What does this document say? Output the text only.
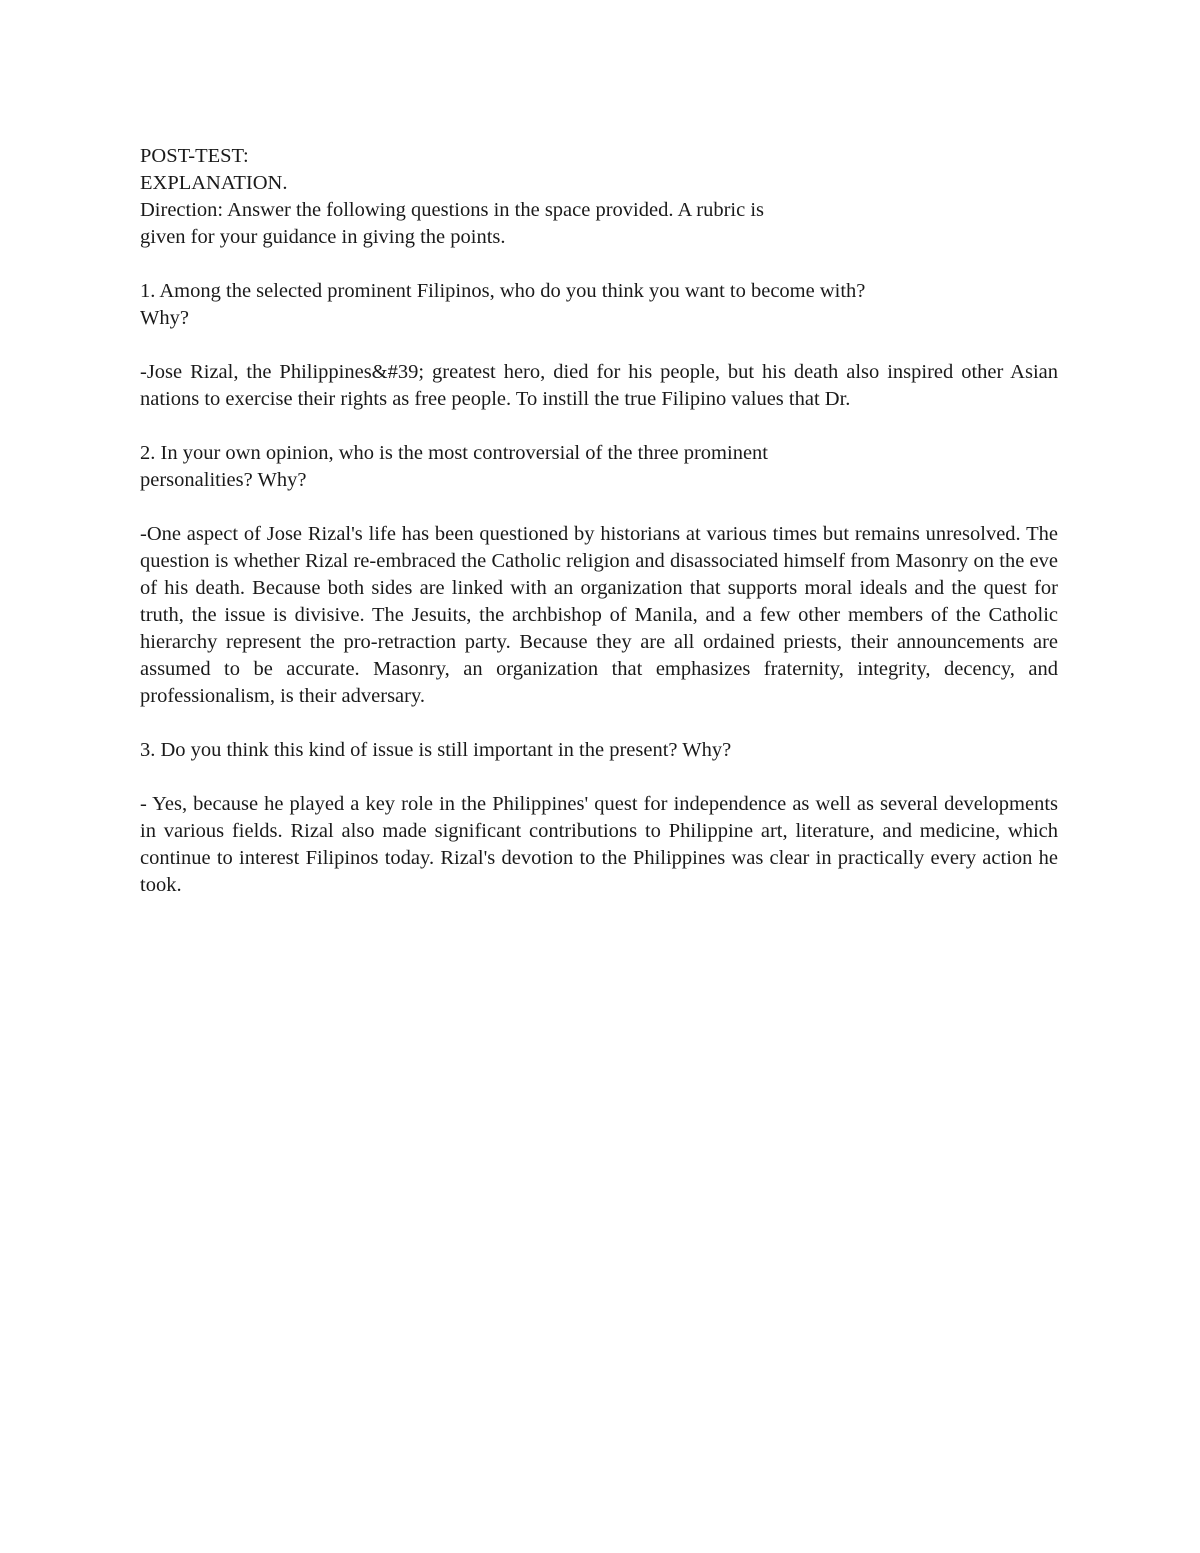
POST-TEST:
EXPLANATION.
Direction: Answer the following questions in the space provided. A rubric is
given for your guidance in giving the points.
1. Among the selected prominent Filipinos, who do you think you want to become with?
Why?
-Jose Rizal, the Philippines&#39; greatest hero, died for his people, but his death also inspired other Asian nations to exercise their rights as free people. To instill the true Filipino values that Dr.
2. In your own opinion, who is the most controversial of the three prominent
personalities? Why?
-One aspect of Jose Rizal's life has been questioned by historians at various times but remains unresolved. The question is whether Rizal re-embraced the Catholic religion and disassociated himself from Masonry on the eve of his death. Because both sides are linked with an organization that supports moral ideals and the quest for truth, the issue is divisive. The Jesuits, the archbishop of Manila, and a few other members of the Catholic hierarchy represent the pro-retraction party. Because they are all ordained priests, their announcements are assumed to be accurate. Masonry, an organization that emphasizes fraternity, integrity, decency, and professionalism, is their adversary.
3. Do you think this kind of issue is still important in the present? Why?
- Yes, because he played a key role in the Philippines' quest for independence as well as several developments in various fields. Rizal also made significant contributions to Philippine art, literature, and medicine, which continue to interest Filipinos today. Rizal's devotion to the Philippines was clear in practically every action he took.
